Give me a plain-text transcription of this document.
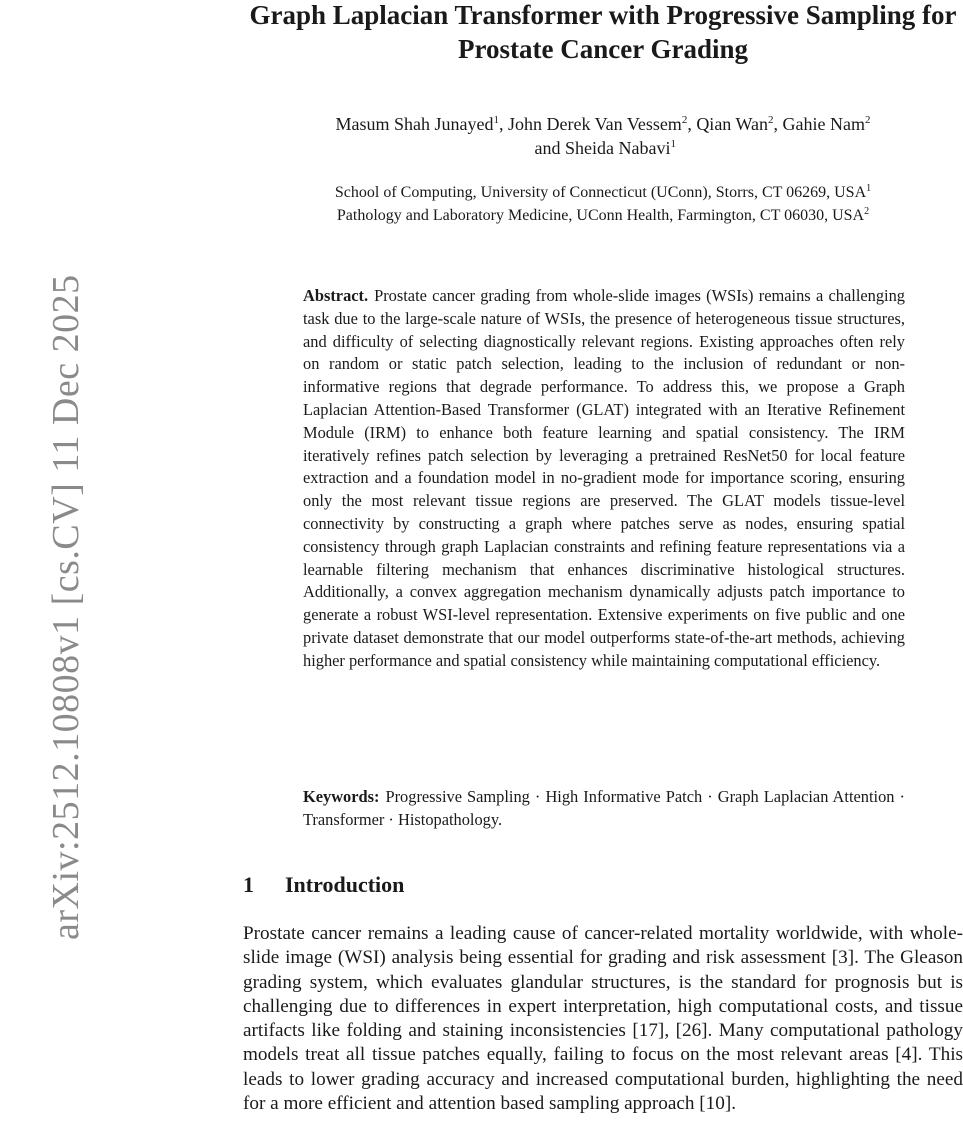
arXiv:2512.10808v1 [cs.CV] 11 Dec 2025
Graph Laplacian Transformer with Progressive Sampling for Prostate Cancer Grading
Masum Shah Junayed$^1$, John Derek Van Vessem$^2$, Qian Wan$^2$, Gahie Nam$^2$
and Sheida Nabavi$^1$
School of Computing, University of Connecticut (UConn), Storrs, CT 06269, USA$^1$
Pathology and Laboratory Medicine, UConn Health, Farmington, CT 06030, USA$^2$

Abstract. Prostate cancer grading from whole-slide images (WSIs) remains a challenging task due to the large-scale nature of WSIs, the presence of heterogeneous tissue structures, and difficulty of selecting diagnostically relevant regions. Existing approaches often rely on random or static patch selection, leading to the inclusion of redundant or non-informative regions that degrade performance. To address this, we propose a Graph Laplacian Attention-Based Transformer (GLAT) integrated with an Iterative Refinement Module (IRM) to enhance both feature learning and spatial consistency. The IRM iteratively refines patch selection by leveraging a pretrained ResNet50 for local feature extraction and a foundation model in no-gradient mode for importance scoring, ensuring only the most relevant tissue regions are preserved. The GLAT models tissue-level connectivity by constructing a graph where patches serve as nodes, ensuring spatial consistency through graph Laplacian constraints and refining feature representations via a learnable filtering mechanism that enhances discriminative histological structures. Additionally, a convex aggregation mechanism dynamically adjusts patch importance to generate a robust WSI-level representation. Extensive experiments on five public and one private dataset demonstrate that our model outperforms state-of-the-art methods, achieving higher performance and spatial consistency while maintaining computational efficiency.

Keywords: Progressive Sampling · High Informative Patch · Graph Laplacian Attention · Transformer · Histopathology.

1 Introduction

Prostate cancer remains a leading cause of cancer-related mortality worldwide, with whole-slide image (WSI) analysis being essential for grading and risk assessment [3]. The Gleason grading system, which evaluates glandular structures, is the standard for prognosis but is challenging due to differences in expert interpretation, high computational costs, and tissue artifacts like folding and staining inconsistencies [17], [26]. Many computational pathology models treat all tissue patches equally, failing to focus on the most relevant areas [4]. This leads to lower grading accuracy and increased computational burden, highlighting the need for a more efficient and attention based sampling approach [10].
